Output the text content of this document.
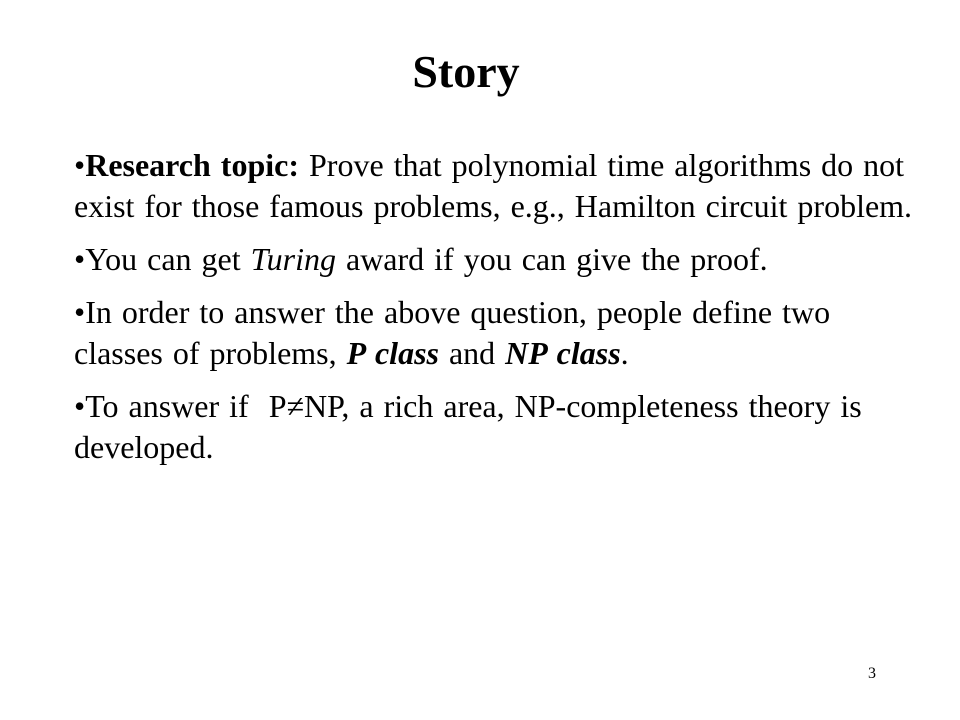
Story

•Research topic: Prove that polynomial time algorithms do not exist for those famous problems, e.g., Hamilton circuit problem.

•You can get Turing award if you can give the proof.

•In order to answer the above question, people define two classes of problems, P class and NP class.

•To answer if  P≠NP, a rich area, NP-completeness theory is developed.

3
